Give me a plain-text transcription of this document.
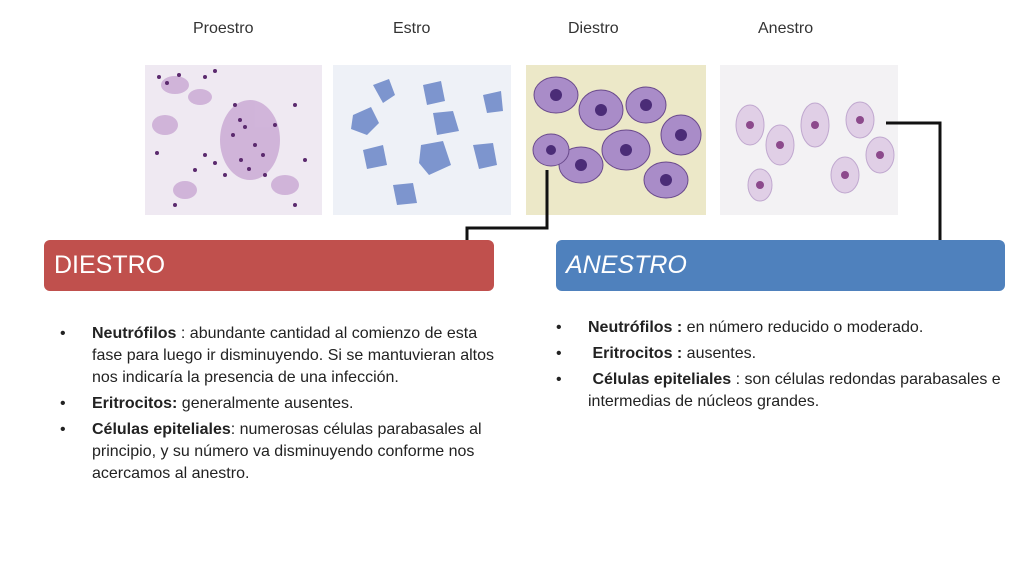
Proestro	Estro	Diestro	Anestro
DIESTRO	ANESTRO
• Neutrófilos : abundante cantidad al comienzo de esta fase para luego ir disminuyendo. Si se mantuvieran altos nos indicaría la presencia de una infección.
• Eritrocitos: generalmente ausentes.
• Células epiteliales: numerosas células parabasales al principio, y su número va disminuyendo conforme nos acercamos al anestro.
• Neutrófilos : en número reducido o moderado.
•  Eritrocitos : ausentes.
•  Células epiteliales : son células redondas parabasales e intermedias de núcleos grandes.
